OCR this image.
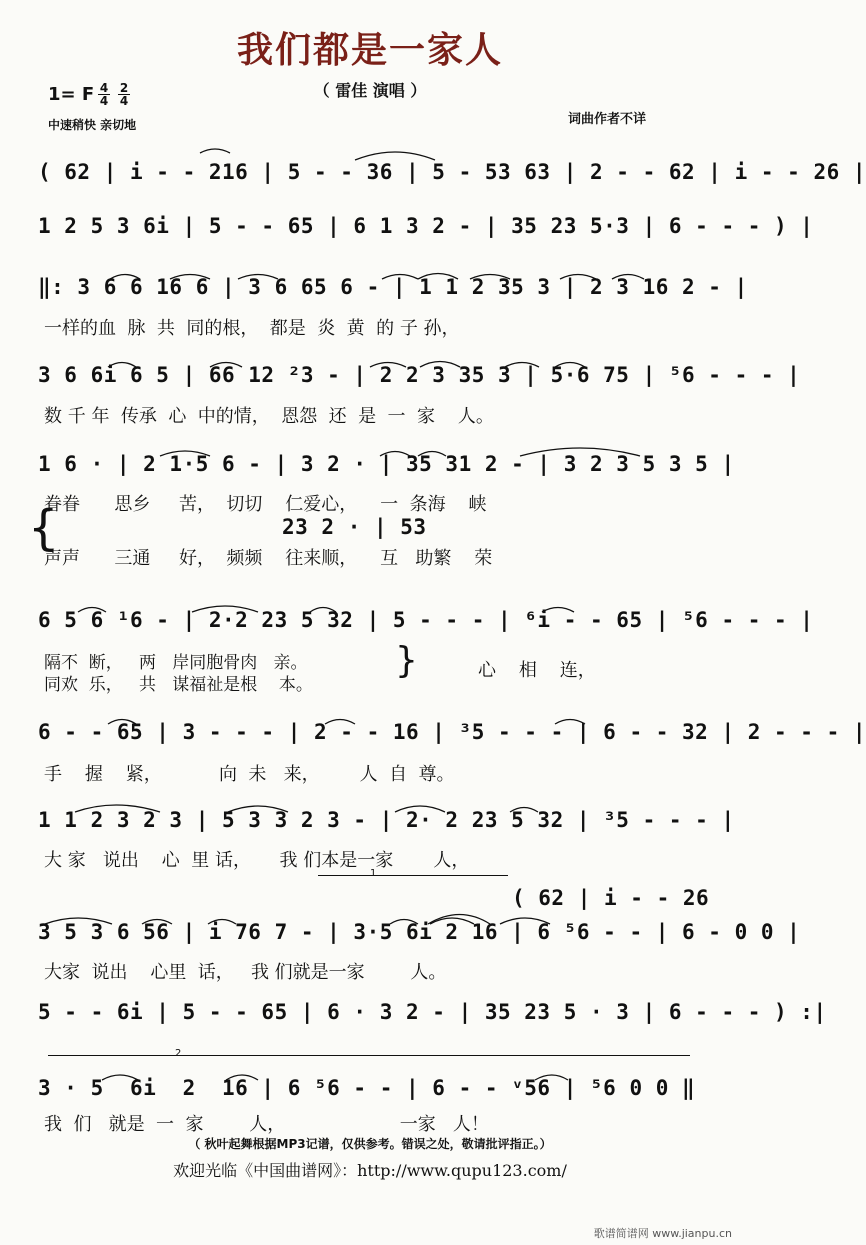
我们都是一家人
（ 雷佳 演唱 ）
1= F $\frac{4}{4} \frac{2}{4}$
中速稍快 亲切地	词曲作者不详
( 62 | i - - 216 | 5 - - 36 | 5 - 53 63 | 2 - - 62 | i - - 26 |
1 2 5 3 6i | 5 - - 65 | 6 1 3 2 - | 35 23 5·3 | 6 - - - ) |
‖: 3 6 6 16 6 | 3 6 65 6 - | 1 1 2 35 3 | 2 3 16 2 - |
一样的血  脉  共  同的根，  都是  炎  黄  的 子 孙，
3 6 6i 6 5 | 66 12 ²3 - | 2 2 3 35 3 | 5·6 75 | ⁵6 - - - |
数 千 年  传承  心  中的情，  恩怨  还  是  一  家    人。
1 6 · | 2 1·5 6 - | 3 2 · | 35 31 2 - | 3 2 3 5 3 5 |
眷眷      思乡     苦，  切切    仁爱心，    一  条海    峡
{	23 2 · | 53
声声      三通     好，  频频    往来顺，    互   助繁    荣
6 5 6 ¹6 - | 2·2 23 5 32 | 5 - - - | ⁶i - - 65 | ⁵6 - - - |
隔不  断，   两   岸同胞骨肉   亲。
同欢  乐，   共   谋福祉是根    本。
}	心    相    连，
6 - - 65 | 3 - - - | 2 - - 16 | ³5 - - - | 6 - - 32 | 2 - - - |
手    握    紧，          向  未   来，       人  自  尊。
1 1 2 3 2 3 | 5 3 3 2 3 - | 2· 2 23 5 32 | ³5 - - - |
大 家   说出    心  里 话，     我 们本是一家       人，
1
( 62 | i - - 26
3 5 3 6 56 | i 76 7 - | 3·5 6i 2 16 | 6 ⁵6 - - | 6 - 0 0 |
大家  说出    心里  话，   我 们就是一家        人。
5 - - 6i | 5 - - 65 | 6 · 3 2 - | 35 23 5 · 3 | 6 - - - ) :|
2
3 · 5  6i  2  16 | 6 ⁵6 - - | 6 - - ᵛ56 | ⁵6 0 0 ‖
我  们   就是  一  家        人，                    一家   人！
（ 秋叶起舞根据MP3记谱，仅供参考。错误之处，敬请批评指正。）
欢迎光临《中国曲谱网》：http://www.qupu123.com/
歌谱简谱网 www.jianpu.cn
